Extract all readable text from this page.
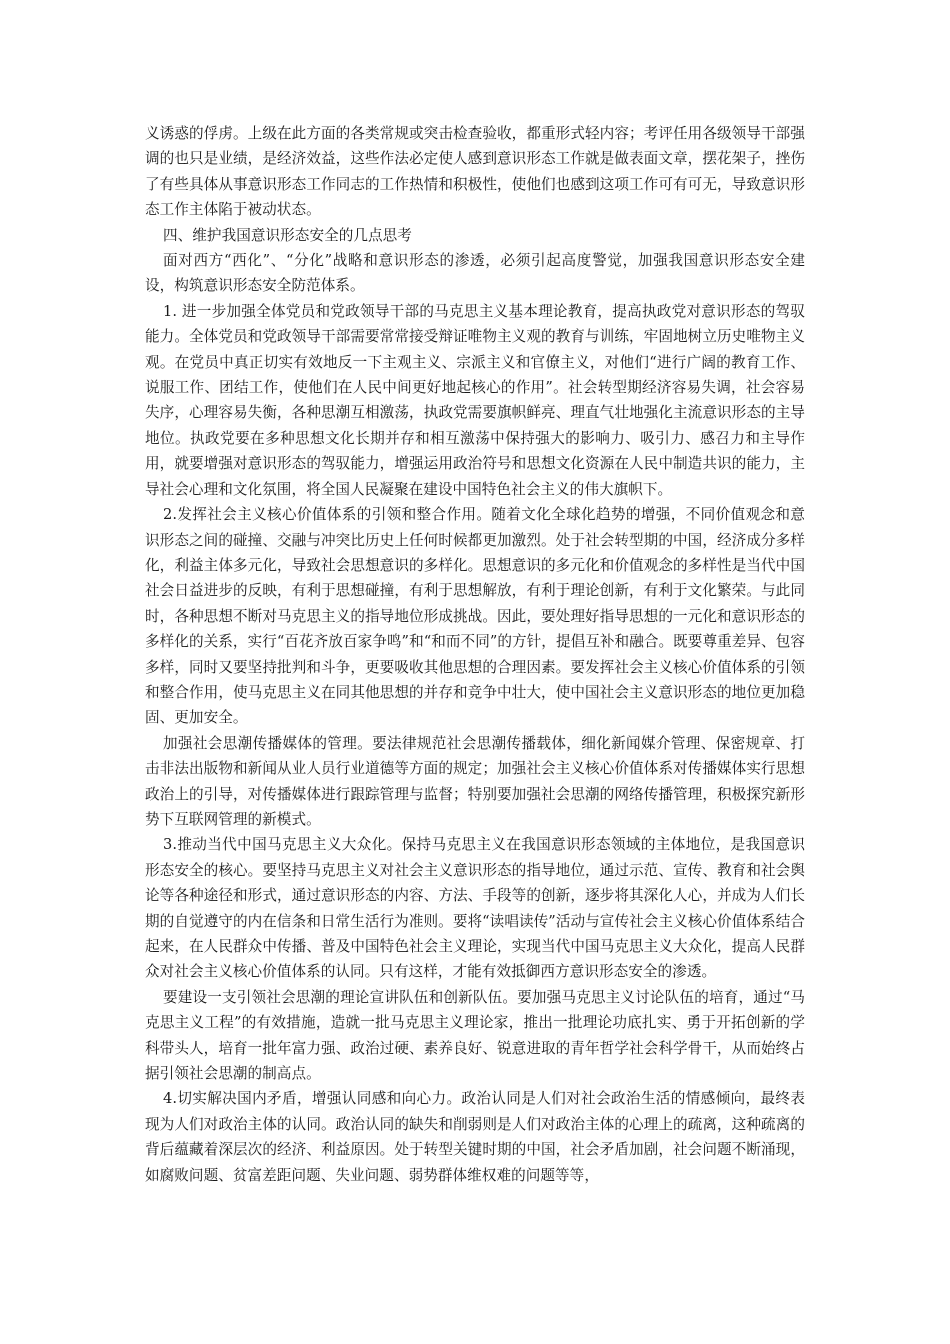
义诱惑的俘虏。上级在此方面的各类常规或突击检查验收，都重形式轻内容；考评任用各级领导干部强调的也只是业绩，是经济效益，这些作法必定使人感到意识形态工作就是做表面文章，摆花架子，挫伤了有些具体从事意识形态工作同志的工作热情和积极性，使他们也感到这项工作可有可无，导致意识形态工作主体陷于被动状态。

四、维护我国意识形态安全的几点思考

面对西方“西化”、“分化”战略和意识形态的渗透，必须引起高度警觉，加强我国意识形态安全建设，构筑意识形态安全防范体系。

1. 进一步加强全体党员和党政领导干部的马克思主义基本理论教育，提高执政党对意识形态的驾驭能力。全体党员和党政领导干部需要常常接受辩证唯物主义观的教育与训练，牢固地树立历史唯物主义观。在党员中真正切实有效地反一下主观主义、宗派主义和官僚主义，对他们“进行广阔的教育工作、说服工作、团结工作，使他们在人民中间更好地起核心的作用”。社会转型期经济容易失调，社会容易失序，心理容易失衡，各种思潮互相激荡，执政党需要旗帜鲜亮、理直气壮地强化主流意识形态的主导地位。执政党要在多种思想文化长期并存和相互激荡中保持强大的影响力、吸引力、感召力和主导作用，就要增强对意识形态的驾驭能力，增强运用政治符号和思想文化资源在人民中制造共识的能力，主导社会心理和文化氛围，将全国人民凝聚在建设中国特色社会主义的伟大旗帜下。

2.发挥社会主义核心价值体系的引领和整合作用。随着文化全球化趋势的增强，不同价值观念和意识形态之间的碰撞、交融与冲突比历史上任何时候都更加激烈。处于社会转型期的中国，经济成分多样化，利益主体多元化，导致社会思想意识的多样化。思想意识的多元化和价值观念的多样性是当代中国社会日益进步的反映，有利于思想碰撞，有利于思想解放，有利于理论创新，有利于文化繁荣。与此同时，各种思想不断对马克思主义的指导地位形成挑战。因此，要处理好指导思想的一元化和意识形态的多样化的关系，实行“百花齐放百家争鸣”和“和而不同”的方针，提倡互补和融合。既要尊重差异、包容多样，同时又要坚持批判和斗争，更要吸收其他思想的合理因素。要发挥社会主义核心价值体系的引领和整合作用，使马克思主义在同其他思想的并存和竞争中壮大，使中国社会主义意识形态的地位更加稳固、更加安全。

加强社会思潮传播媒体的管理。要法律规范社会思潮传播载体，细化新闻媒介管理、保密规章、打击非法出版物和新闻从业人员行业道德等方面的规定；加强社会主义核心价值体系对传播媒体实行思想政治上的引导，对传播媒体进行跟踪管理与监督；特别要加强社会思潮的网络传播管理，积极探究新形势下互联网管理的新模式。

3.推动当代中国马克思主义大众化。保持马克思主义在我国意识形态领域的主体地位，是我国意识形态安全的核心。要坚持马克思主义对社会主义意识形态的指导地位，通过示范、宣传、教育和社会舆论等各种途径和形式，通过意识形态的内容、方法、手段等的创新，逐步将其深化人心，并成为人们长期的自觉遵守的内在信条和日常生活行为准则。要将“读唱读传”活动与宣传社会主义核心价值体系结合起来，在人民群众中传播、普及中国特色社会主义理论，实现当代中国马克思主义大众化，提高人民群众对社会主义核心价值体系的认同。只有这样，才能有效抵御西方意识形态安全的渗透。

要建设一支引领社会思潮的理论宣讲队伍和创新队伍。要加强马克思主义讨论队伍的培育，通过“马克思主义工程”的有效措施，造就一批马克思主义理论家，推出一批理论功底扎实、勇于开拓创新的学科带头人，培育一批年富力强、政治过硬、素养良好、锐意进取的青年哲学社会科学骨干，从而始终占据引领社会思潮的制高点。

4.切实解决国内矛盾，增强认同感和向心力。政治认同是人们对社会政治生活的情感倾向，最终表现为人们对政治主体的认同。政治认同的缺失和削弱则是人们对政治主体的心理上的疏离，这种疏离的背后蕴藏着深层次的经济、利益原因。处于转型关键时期的中国，社会矛盾加剧，社会问题不断涌现，如腐败问题、贫富差距问题、失业问题、弱势群体维权难的问题等等，
